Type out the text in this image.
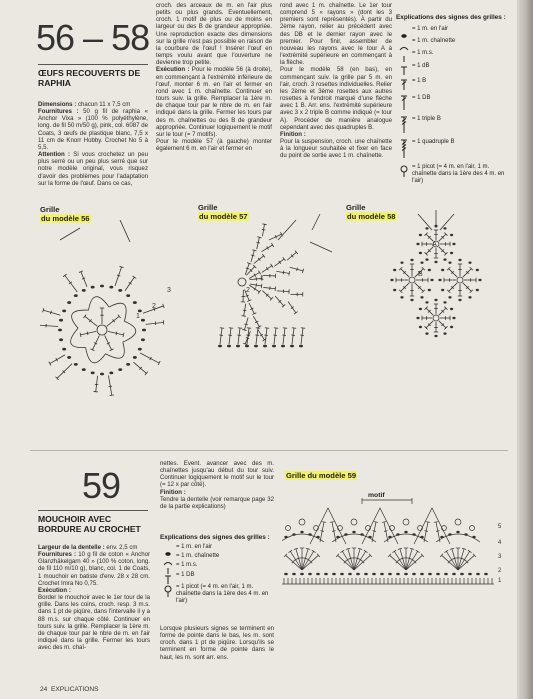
56 – 58
ŒUFS RECOUVERTS DE RAPHIA

Dimensions : chacun 11 x 7,5 cm

Fournitures : 50 g fil de raphia « Anchor Vixa » (100 % polyéthylène, long. de fil 50 m/50 g), pink, col. 6087 de Coats, 3 œufs de plastique blanc, 7,5 x 11 cm de Knorr Hobby. Crochet No 5 à 5,5.

Attention : Si vous crochetez un peu plus serré ou un peu plus serré que sur notre modèle original, vous risquez d'avoir des problèmes pour l'adaptation sur la forme de l'œuf. Dans ce cas,

croch. des arceaux de m. en l'air plus petits ou plus grands. Eventuellement, croch. 1 motif de plus ou de moins en largeur ou des B de grandeur appropriée. Une reproduction exacte des dimensions sur la grille n'est pas possible en raison de la courbure de l'œuf ! Insérer l'œuf en temps voulu avant que l'ouverture ne devienne trop petite.

Exécution : Pour le modèle 56 (à droite), en commençant à l'extrémité inférieure de l'œuf, monter 6 m. en l'air et fermer en rond avec 1 m. chaînette. Continuer en tours suiv. la grille. Remplacer la 1ère m. de chaque tour par le nbre de m. en l'air indiqué dans la grille. Fermer les tours par des m. chaînettes ou des B de grandeur appropriée. Continuer logiquement le motif sur le tour (= 7 motifs).

Pour le modèle 57 (à gauche) monter également 6 m. en l'air et fermer en

rond avec 1 m. chaînette. Le 1er tour comprend 5 « rayons » (dont les 3 premiers sont représentés). À partir du 2ème rayon, relier au précédent avec des DB et le dernier rayon avec le premier. Pour finir, assembler de nouveau les rayons avec le tour A à l'extrémité supérieure en commençant à la flèche.

Pour le modèle 58 (en bas), en commençant suiv. la grille par 5 m. en l'air, croch. 3 rosettes individuelles. Relier les 2ème et 3ème rosettes aux autres rosettes à l'endroit marqué d'une flèche avec 1 B. Arr. ens. l'extrémité supérieure avec 3 x 2 triple B comme indiqué (= tour A). Procéder de manière analogue cependant avec des quadruples B.

Finition :

Pour la suspension, croch. une chaînette à la longueur souhaitée et fixer en face du point de sortie avec 1 m. chaînette.

Explications des signes des grilles :
= 1 m. en l'air
= 1 m. chaînette
= 1 m.s.
= 1 dB
= 1 B
= 1 DB
= 1 triple B
= 1 quadruple B
= 1 picot (= 4 m. en l'air, 1 m. chaînette dans la 1ère des 4 m. en l'air)
Grille
du modèle 56
Grille
du modèle 57
Grille
du modèle 58
1
2
3
1
2
A
B
59
MOUCHOIR AVEC BORDURE AU CROCHET

Largeur de la dentelle : env. 2,5 cm

Fournitures : 10 g fil de coton « Anchor Glanzhäkelgarn 40 » (100 % coton, long. de fil 110 m/10 g), blanc, col. 1 de Coats, 1 mouchoir en batiste d'env. 28 x 28 cm. Crochet Imra No 0,75.

Exécution :

Border le mouchoir avec le 1er tour de la grille. Dans les coins, croch. resp. 3 m.s. dans 1 pt de piqûre, dans l'intervalle il y a 88 m.s. sur chaque côté. Continuer en tours suiv. la grille. Remplacer la 1ère m. de chaque tour par le nbre de m. en l'air indiqué dans la grille. Fermer les tours avec des m. chaî-

nettes. Event. avancer avec des m. chaînettes jusqu'au début du tour suiv. Continuer logiquement le motif sur le tour (= 12 x par côté).

Finition :

Tendre la dentelle (voir remarque page 32 de la partie explications)

Explications des signes des grilles :
= 1 m. en l'air
= 1 m. chaînette
= 1 m.s.
= 1 DB
= 1 picot (= 4 m. en l'air, 1 m. chaînette dans la 1ère des 4 m. en l'air)
Lorsque plusieurs signes se terminent en forme de pointe dans le bas, les m. sont croch. dans 1 pt de piqûre. Lorsqu'ils se terminent en forme de pointe dans le haut, les m. sont arr. ens.
Grille du modèle 59
motif
1
2
3
4
5
24 EXPLICATIONS
